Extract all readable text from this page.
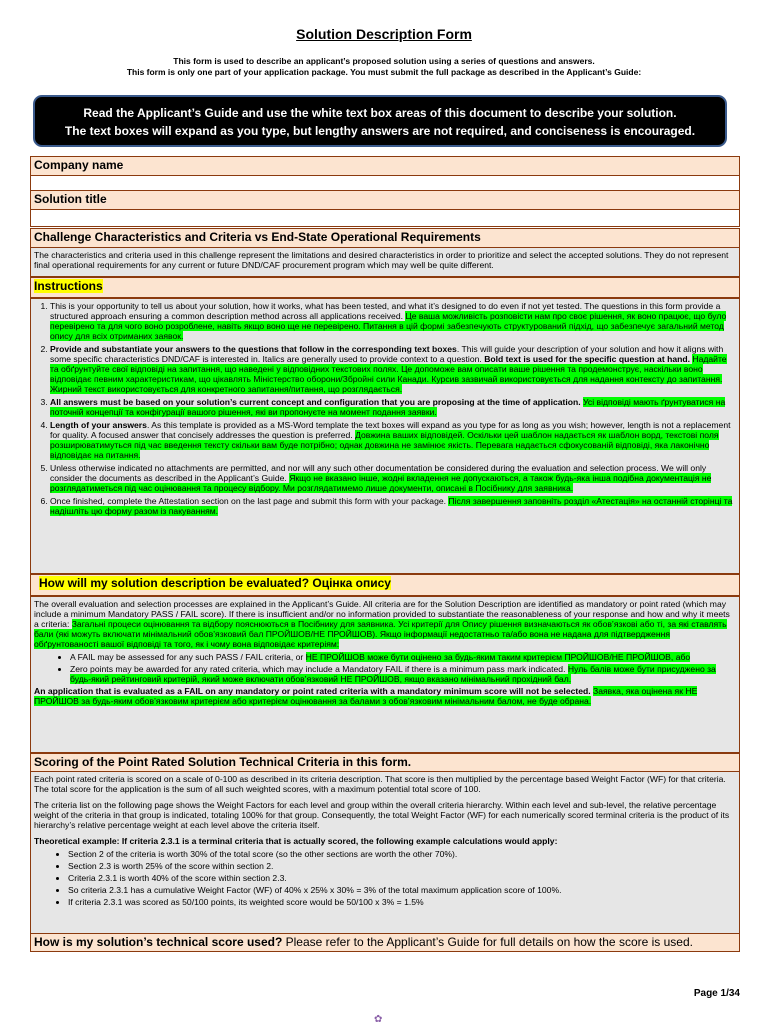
Solution Description Form
This form is used to describe an applicant’s proposed solution using a series of questions and answers.
This form is only one part of your application package. You must submit the full package as described in the Applicant’s Guide:
Read the Applicant’s Guide and use the white text box areas of this document to describe your solution.
The text boxes will expand as you type, but lengthy answers are not required, and conciseness is encouraged.
Company name
Solution title
Challenge Characteristics and Criteria vs End-State Operational Requirements
The characteristics and criteria used in this challenge represent the limitations and desired characteristics in order to prioritize and select the accepted solutions. They do not represent final operational requirements for any current or future DND/CAF procurement program which may well be quite different.
Instructions
1. This is your opportunity to tell us about your solution, how it works, what has been tested, and what it’s designed to do even if not yet tested. The questions in this form provide a structured approach ensuring a common description method across all applications received. Це ваша можливість розповісти нам про своє рішення, як воно працює, що було перевірено та для чого воно розроблене, навіть якщо воно ще не перевірено. Питання в цій формі забезпечують структурований підхід, що забезпечує загальний метод опису для всіх отриманих заявок.
2. Provide and substantiate your answers to the questions that follow in the corresponding text boxes. This will guide your description of your solution and how it aligns with some specific characteristics DND/CAF is interested in. Italics are generally used to provide context to a question. Bold text is used for the specific question at hand. Надайте та обґрунтуйте свої відповіді на запитання, що наведені у відповідних текстових полях. Це допоможе вам описати ваше рішення та продемонструє, наскільки воно відповідає певним характеристикам, що цікавлять Міністерство оборони/Збройні сили Канади. Курсив зазвичай використовується для надання контексту до запитання. Жирний текст використовується для конкретного запитання/питання, що розглядається.
3. All answers must be based on your solution’s current concept and configuration that you are proposing at the time of application. Усі відповіді мають ґрунтуватися на поточній концепції та конфігурації вашого рішення, які ви пропонуєте на момент подання заявки.
4. Length of your answers. As this template is provided as a MS-Word template the text boxes will expand as you type for as long as you wish; however, length is not a replacement for quality. A focused answer that concisely addresses the question is preferred. Довжина ваших відповідей. Оскільки цей шаблон надається як шаблон ворд, текстові поля розширюватимуться під час введення тексту скільки вам буде потрібно; однак довжина не замінює якість. Перевага надається сфокусованій відповіді, яка лаконічно відповідає на питання.
5. Unless otherwise indicated no attachments are permitted, and nor will any such other documentation be considered during the evaluation and selection process. We will only consider the documents as described in the Applicant’s Guide. Якщо не вказано інше, жодні вкладення не допускаються, а також будь-яка інша подібна документація не розглядатиметься під час оцінювання та процесу відбору. Ми розглядатимемо лише документи, описані в Посібнику для заявника.
6. Once finished, complete the Attestation section on the last page and submit this form with your package. Після завершення заповніть розділ «Атестація» на останній сторінці та надішліть цю форму разом із пакуванням.
How will my solution description be evaluated? Оцінка опису

The overall evaluation and selection processes are explained in the Applicant’s Guide. All criteria are for the Solution Description are identified as mandatory or point rated (which may include a minimum Mandatory PASS / FAIL score). If there is insufficient and/or no information provided to substantiate the reasonableness of your response and how and why it meets a criteria: Загальні процеси оцінювання та відбору пояснюються в Посібнику для заявника. Усі критерії для Опису рішення визначаються як обов’язкові або ті, за які ставлять бали (які можуть включати мінімальний обов’язковий бал ПРОЙШОВ/НЕ ПРОЙШОВ). Якщо інформації недостатньо та/або вона не надана для підтвердження обґрунтованості вашої відповіді та того, як і чому вона відповідає критеріям:

• A FAIL may be assessed for any such PASS / FAIL criteria, or НЕ ПРОЙШОВ може бути оцінено за будь-яким таким критерієм ПРОЙШОВ/НЕ ПРОЙШОВ, або
• Zero points may be awarded for any rated criteria, which may include a Mandatory FAIL if there is a minimum pass mark indicated. Нуль балів може бути присуджено за будь-який рейтинговий критерій, який може включати обов’язковий НЕ ПРОЙШОВ, якщо вказано мінімальний прохідний бал.

An application that is evaluated as a FAIL on any mandatory or point rated criteria with a mandatory minimum score will not be selected. Заявка, яка оцінена як НЕ ПРОЙШОВ за будь-яким обов’язковим критерієм або критерієм оцінювання за балами з обов’язковим мінімальним балом, не буде обрана.

Scoring of the Point Rated Solution Technical Criteria in this form.

Each point rated criteria is scored on a scale of 0-100 as described in its criteria description. That score is then multiplied by the percentage based Weight Factor (WF) for that criteria. The total score for the application is the sum of all such weighted scores, with a maximum potential total score of 100.

The criteria list on the following page shows the Weight Factors for each level and group within the overall criteria hierarchy. Within each level and sub-level, the relative percentage weight of the criteria in that group is indicated, totaling 100% for that group. Consequently, the total Weight Factor (WF) for each numerically scored terminal criteria is the product of its hierarchy’s relative percentage weight at each level above the criteria itself.

Theoretical example: If criteria 2.3.1 is a terminal criteria that is actually scored, the following example calculations would apply:

• Section 2 of the criteria is worth 30% of the total score (so the other sections are worth the other 70%).
• Section 2.3 is worth 25% of the score within section 2.
• Criteria 2.3.1 is worth 40% of the score within section 2.3.
• So criteria 2.3.1 has a cumulative Weight Factor (WF) of 40% x 25% x 30% = 3% of the total maximum application score of 100%.
• If criteria 2.3.1 was scored as 50/100 points, its weighted score would be 50/100 x 3% = 1.5%
How is my solution’s technical score used? Please refer to the Applicant’s Guide for full details on how the score is used.
Page 1/34
✿
